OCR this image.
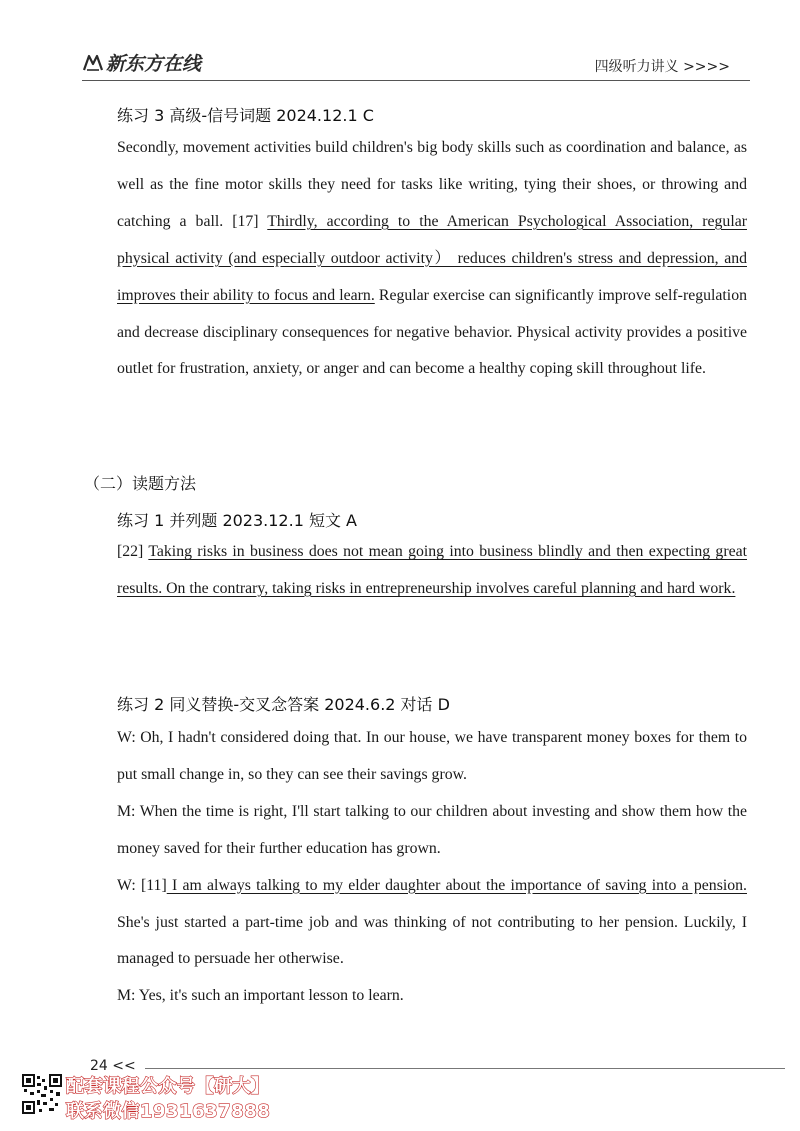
新东方在线	四级听力讲义 >>>>
练习 3 高级-信号词题 2024.12.1 C
Secondly, movement activities build children's big body skills such as coordination and balance, as well as the fine motor skills they need for tasks like writing, tying their shoes, or throwing and catching a ball. [17] Thirdly, according to the American Psychological Association, regular physical activity (and especially outdoor activity） reduces children's stress and depression, and improves their ability to focus and learn. Regular exercise can significantly improve self-regulation and decrease disciplinary consequences for negative behavior. Physical activity provides a positive outlet for frustration, anxiety, or anger and can become a healthy coping skill throughout life.
（二）读题方法
练习 1 并列题 2023.12.1 短文 A
[22] Taking risks in business does not mean going into business blindly and then expecting great results. On the contrary, taking risks in entrepreneurship involves careful planning and hard work.
练习 2 同义替换-交叉念答案 2024.6.2 对话 D
W: Oh, I hadn't considered doing that. In our house, we have transparent money boxes for them to put small change in, so they can see their savings grow.
M: When the time is right, I'll start talking to our children about investing and show them how the money saved for their further education has grown.
W: [11] I am always talking to my elder daughter about the importance of saving into a pension. She's just started a part-time job and was thinking of not contributing to her pension. Luckily, I managed to persuade her otherwise.
M: Yes, it's such an important lesson to learn.
24 <<
配套课程公众号【研大】
联系微信1931637888
